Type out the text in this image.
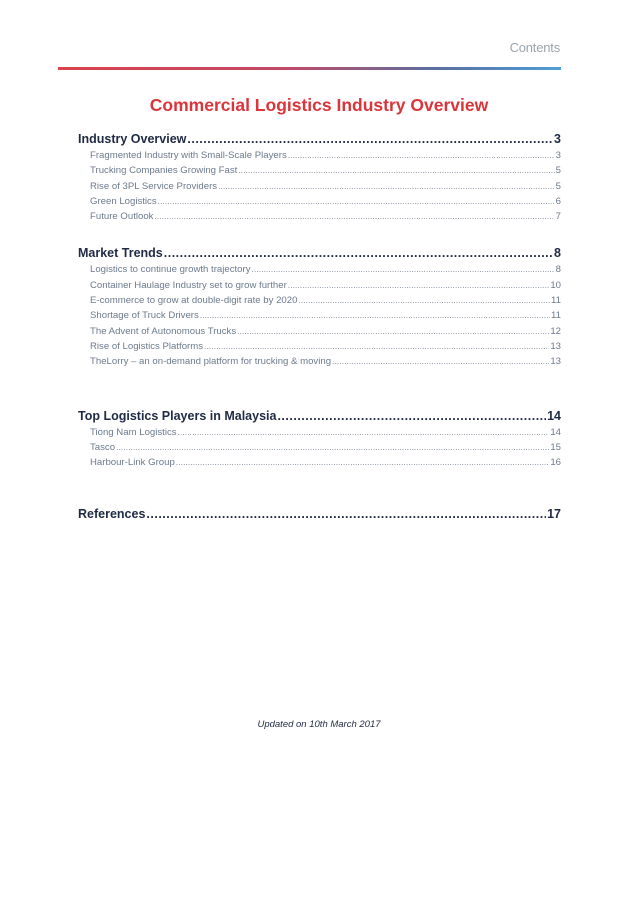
Contents
Commercial Logistics Industry Overview
Industry Overview .....	3
Fragmented Industry with Small-Scale Players .....	3
Trucking Companies Growing Fast .....	5
Rise of 3PL Service Providers .....	5
Green Logistics .....	6
Future Outlook .....	7
Market Trends .....	8
Logistics to continue growth trajectory .....	8
Container Haulage Industry set to grow further .....	10
E-commerce to grow at double-digit rate by 2020 .....	11
Shortage of Truck Drivers .....	11
The Advent of Autonomous Trucks .....	12
Rise of Logistics Platforms .....	13
TheLorry – an on-demand platform for trucking & moving .....	13
Top Logistics Players in Malaysia .....	14
Tiong Nam Logistics .....	14
Tasco .....	15
Harbour-Link Group .....	16
References .....	17
Updated on 10th March 2017
